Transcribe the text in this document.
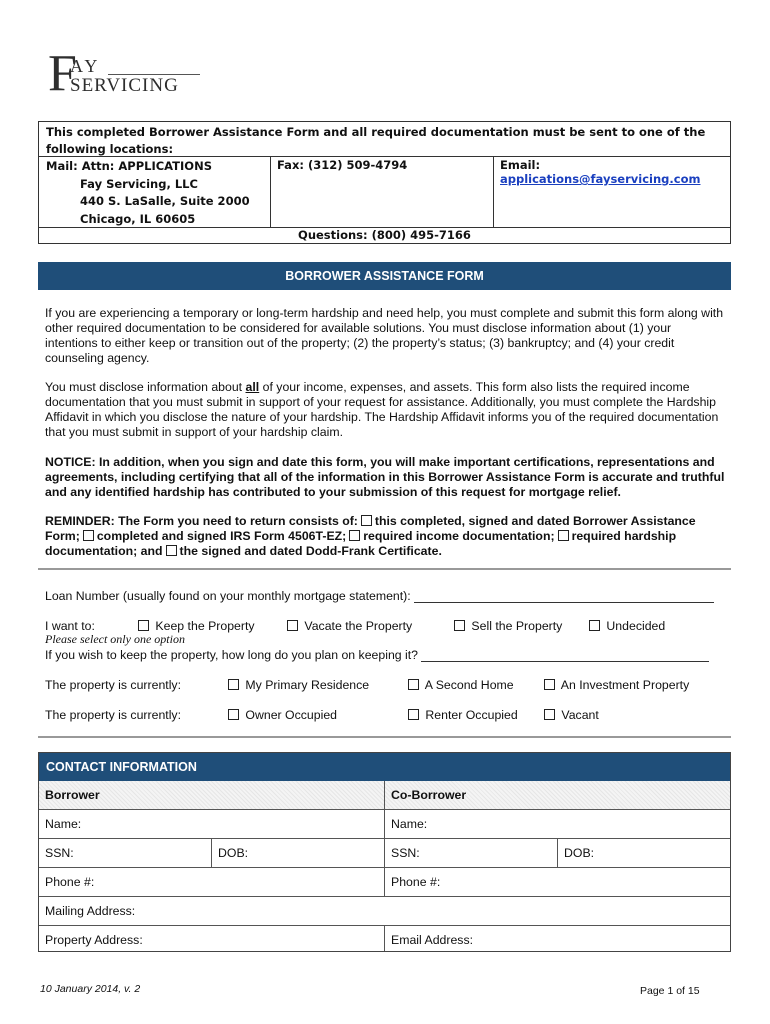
F
AY
SERVICING
This completed Borrower Assistance Form and all required documentation must be sent to one of the following locations:
Mail: Attn: APPLICATIONS
Fay Servicing, LLC
440 S. LaSalle, Suite 2000
Chicago, IL 60605
Fax: (312) 509-4794	Email:  applications@fayservicing.com
Questions: (800) 495-7166
BORROWER ASSISTANCE FORM
If you are experiencing a temporary or long-term hardship and need help, you must complete and submit this form along with other required documentation to be considered for available solutions. You must disclose information about (1) your intentions to either keep or transition out of the property; (2) the property’s status; (3) bankruptcy; and (4) your credit counseling agency.
You must disclose information about all of your income, expenses, and assets. This form also lists the required income documentation that you must submit in support of your request for assistance. Additionally, you must complete the Hardship Affidavit in which you disclose the nature of your hardship. The Hardship Affidavit informs you of the required documentation that you must submit in support of your hardship claim.
NOTICE: In addition, when you sign and date this form, you will make important certifications, representations and agreements, including certifying that all of the information in this Borrower Assistance Form is accurate and truthful and any identified hardship has contributed to your submission of this request for mortgage relief.
REMINDER: The Form you need to return consists of: this completed, signed and dated Borrower Assistance Form; completed and signed IRS Form 4506T-EZ; required income documentation; required hardship documentation; and the signed and dated Dodd-Frank Certificate.
Loan Number (usually found on your monthly mortgage statement):
I want to:	Keep the Property	Vacate the Property	Sell the Property	Undecided
Please select only one option
If you wish to keep the property, how long do you plan on keeping it?
The property is currently:	My Primary Residence	A Second Home	An Investment Property
The property is currently:	Owner Occupied	Renter Occupied	Vacant
CONTACT INFORMATION
Borrower	Co-Borrower
Name:	Name:
SSN:	DOB:	SSN:	DOB:
Phone #:	Phone #:
Mailing Address:
Property Address:	Email Address:
10 January 2014, v. 2	Page 1 of 15
